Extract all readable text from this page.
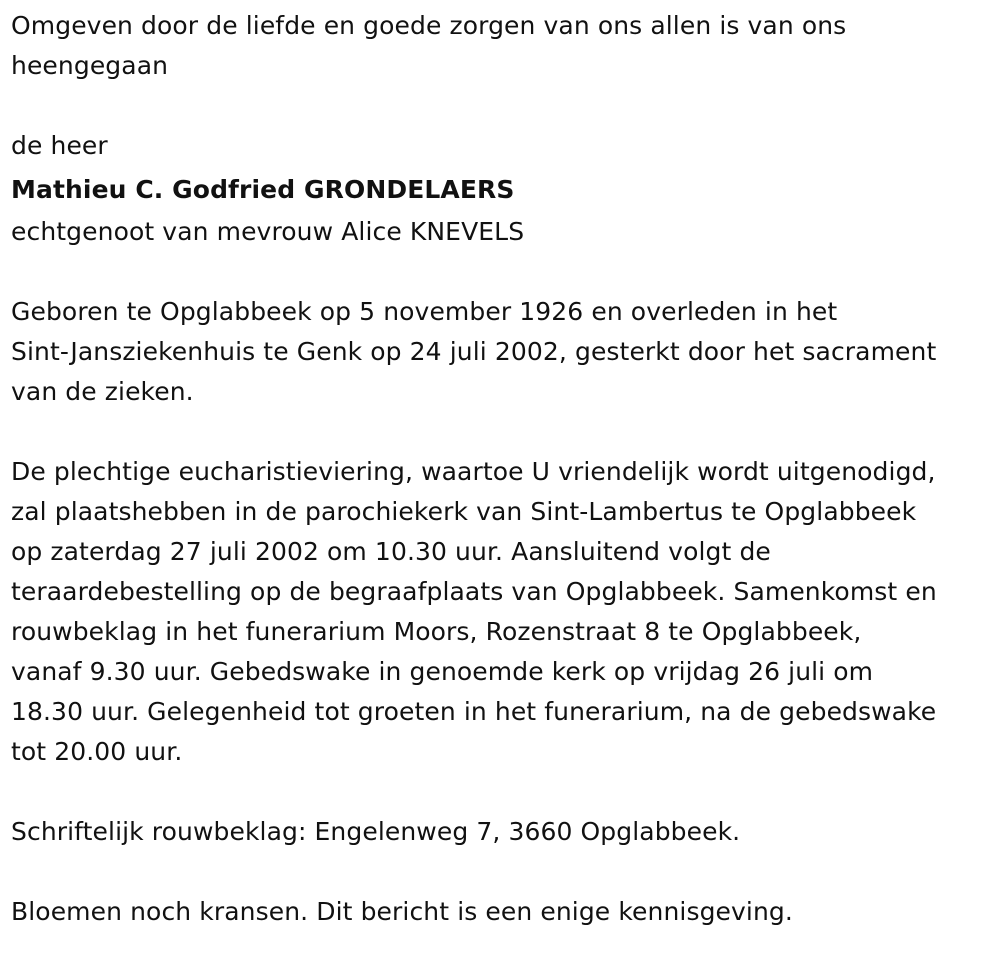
Omgeven door de liefde en goede zorgen van ons allen is van ons

heengegaan

de heer

Mathieu C. Godfried GRONDELAERS

echtgenoot van mevrouw Alice KNEVELS

Geboren te Opglabbeek op 5 november 1926 en overleden in het

Sint-Jansziekenhuis te Genk op 24 juli 2002, gesterkt door het sacrament

van de zieken.

De plechtige eucharistieviering, waartoe U vriendelijk wordt uitgenodigd,

zal plaatshebben in de parochiekerk van Sint-Lambertus te Opglabbeek

op zaterdag 27 juli 2002 om 10.30 uur. Aansluitend volgt de

teraardebestelling op de begraafplaats van Opglabbeek. Samenkomst en

rouwbeklag in het funerarium Moors, Rozenstraat 8 te Opglabbeek,

vanaf 9.30 uur. Gebedswake in genoemde kerk op vrijdag 26 juli om

18.30 uur. Gelegenheid tot groeten in het funerarium, na de gebedswake

tot 20.00 uur.

Schriftelijk rouwbeklag: Engelenweg 7, 3660 Opglabbeek.

Bloemen noch kransen. Dit bericht is een enige kennisgeving.
